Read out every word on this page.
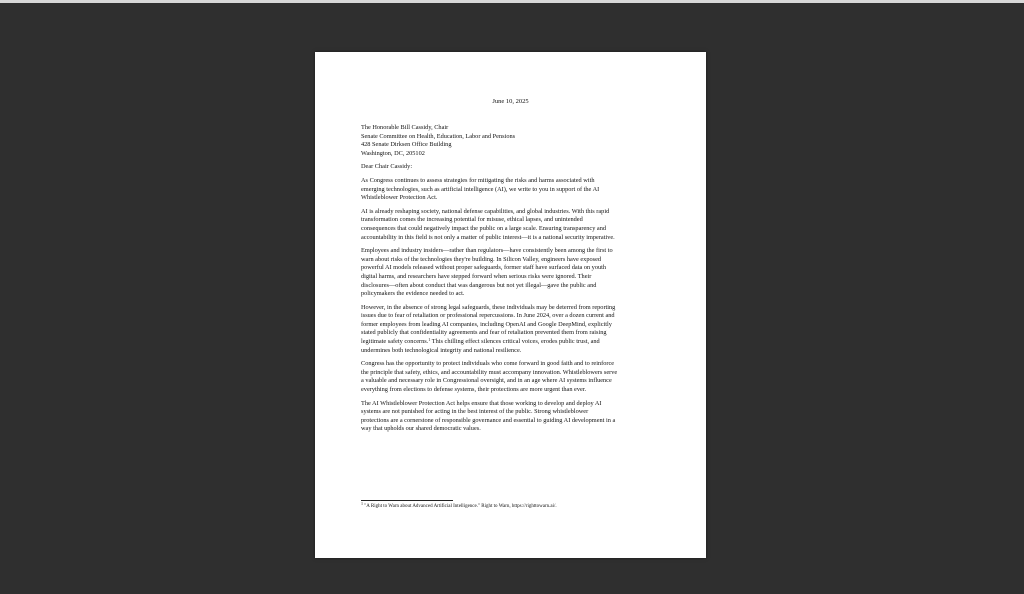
June 10, 2025
The Honorable Bill Cassidy, Chair
Senate Committee on Health, Education, Labor and Pensions
428 Senate Dirksen Office Building
Washington, DC, 205102
Dear Chair Cassidy:
As Congress continues to assess strategies for mitigating the risks and harms associated with
emerging technologies, such as artificial intelligence (AI), we write to you in support of the AI
Whistleblower Protection Act.
AI is already reshaping society, national defense capabilities, and global industries. With this rapid
transformation comes the increasing potential for misuse, ethical lapses, and unintended
consequences that could negatively impact the public on a large scale. Ensuring transparency and
accountability in this field is not only a matter of public interest—it is a national security imperative.
Employees and industry insiders—rather than regulators—have consistently been among the first to
warn about risks of the technologies they're building. In Silicon Valley, engineers have exposed
powerful AI models released without proper safeguards, former staff have surfaced data on youth
digital harms, and researchers have stepped forward when serious risks were ignored. Their
disclosures—often about conduct that was dangerous but not yet illegal—gave the public and
policymakers the evidence needed to act.
However, in the absence of strong legal safeguards, these individuals may be deterred from reporting
issues due to fear of retaliation or professional repercussions. In June 2024, over a dozen current and
former employees from leading AI companies, including OpenAI and Google DeepMind, explicitly
stated publicly that confidentiality agreements and fear of retaliation prevented them from raising
legitimate safety concerns.$^1$ This chilling effect silences critical voices, erodes public trust, and
undermines both technological integrity and national resilience.
Congress has the opportunity to protect individuals who come forward in good faith and to reinforce
the principle that safety, ethics, and accountability must accompany innovation. Whistleblowers serve
a valuable and necessary role in Congressional oversight, and in an age where AI systems influence
everything from elections to defense systems, their protections are more urgent than ever.
The AI Whistleblower Protection Act helps ensure that those working to develop and deploy AI
systems are not punished for acting in the best interest of the public. Strong whistleblower
protections are a cornerstone of responsible governance and essential to guiding AI development in a
way that upholds our shared democratic values.
$^1$ "A Right to Warn about Advanced Artificial Intelligence." Right to Warn, https://righttowarn.ai/.
